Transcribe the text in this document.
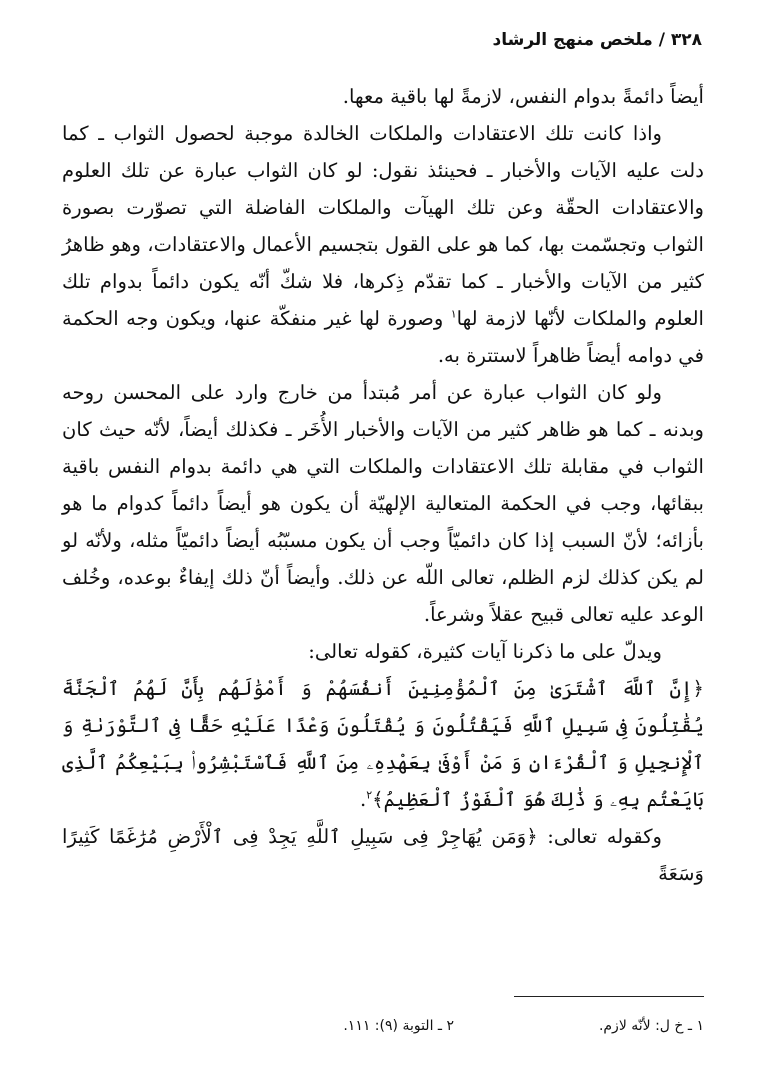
٣٢٨ / ملخص منهج الرشاد

أيضاً دائمةً بدوام النفس، لازمةً لها باقية معها.

واذا كانت تلك الاعتقادات والملكات الخالدة موجبة لحصول الثواب ـ كما دلت عليه الآيات والأخبار ـ فحينئذ نقول: لو كان الثواب عبارة عن تلك العلوم والاعتقادات الحقّة وعن تلك الهيآت والملكات الفاضلة التي تصوّرت بصورة الثواب وتجسّمت بها، كما هو على القول بتجسيم الأعمال والاعتقادات، وهو ظاهرُ كثير من الآيات والأخبار ـ كما تقدّم ذِكرها، فلا شكّ أنّه يكون دائماً بدوام تلك العلوم والملكات لأنّها لازمة لها$^١$ وصورة لها غير منفكّة عنها، ويكون وجه الحكمة في دوامه أيضاً ظاهراً لاستترة به.

ولو كان الثواب عبارة عن أمر مُبتدأ من خارج وارد على المحسن روحه وبدنه ـ كما هو ظاهر كثير من الآيات والأخبار الأُخَر ـ فكذلك أيضاً، لأنّه حيث كان الثواب في مقابلة تلك الاعتقادات والملكات التي هي دائمة بدوام النفس باقية ببقائها، وجب في الحكمة المتعالية الإلهيّة أن يكون هو أيضاً دائماً كدوام ما هو بأزائه؛ لأنّ السبب إذا كان دائميّاً وجب أن يكون مسبّبُه أيضاً دائميّاً مثله، ولأنّه لو لم يكن كذلك لزم الظلم، تعالى اللّه عن ذلك. وأيضاً أنّ ذلك إيفاءٌ بوعده، وخُلف الوعد عليه تعالى قبيح عقلاً وشرعاً.

ويدلّ على ما ذكرنا آيات كثيرة، كقوله تعالى:

﴿إِنَّ ٱللَّهَ ٱشْتَرَىٰ مِنَ ٱلْمُؤْمِنِينَ أَنفُسَهُمْ وَ أَمْوَٰلَهُم بِأَنَّ لَهُمُ ٱلْجَنَّةَ يُقَٰتِلُونَ فِى سَبِيلِ ٱللَّهِ فَيَقْتُلُونَ وَ يُقْتَلُونَ وَعْدًا عَلَيْهِ حَقًّا فِى ٱلتَّوْرَىٰةِ وَ ٱلْإِنجِيلِ وَ ٱلْقُرْءَانِ وَ مَنْ أَوْفَىٰ بِعَهْدِهِۦ مِنَ ٱللَّهِ فَٱسْتَبْشِرُوا۟ بِبَيْعِكُمُ ٱلَّذِى بَايَعْتُم بِهِۦ وَ ذَٰلِكَ هُوَ ٱلْفَوْزُ ٱلْعَظِيمُ﴾$^٢$.

وكقوله تعالى: ﴿وَمَن يُهَاجِرْ فِى سَبِيلِ ٱللَّهِ يَجِدْ فِى ٱلْأَرْضِ مُرَٰغَمًا كَثِيرًا وَسَعَةً

١ ـ خ ل: لأنّه لازم.
٢ ـ التوبة (٩): ١١١.
